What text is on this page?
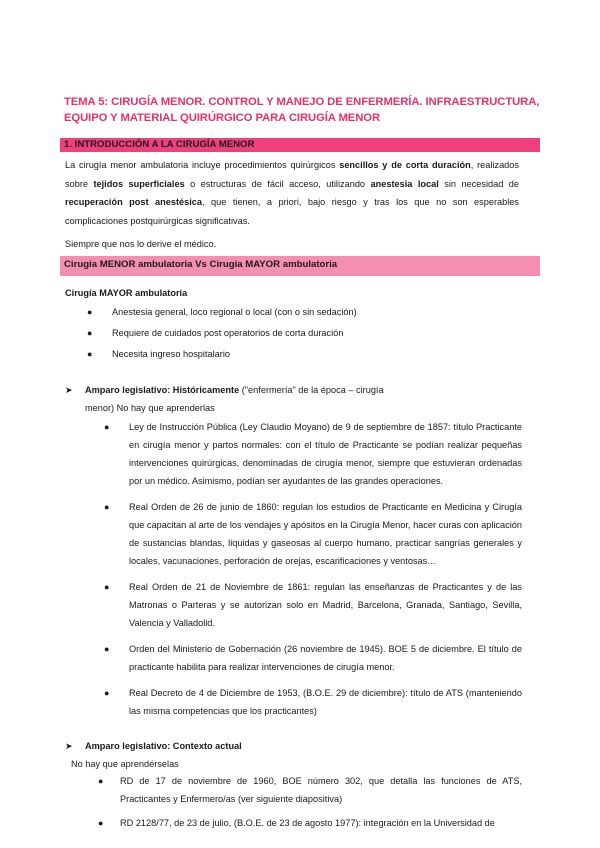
TEMA 5: CIRUGÍA MENOR. CONTROL Y MANEJO DE ENFERMERÍA. INFRAESTRUCTURA,
EQUIPO Y MATERIAL QUIRÚRGICO PARA CIRUGÍA MENOR
1. INTRODUCCIÓN A LA CIRUGÍA MENOR
La cirugía menor ambulatoria incluye procedimientos quirúrgicos sencillos y de corta duración, realizados sobre tejidos superficiales o estructuras de fácil acceso, utilizando anestesia local sin necesidad de recuperación post anestésica, que tienen, a priori, bajo riesgo y tras los que no son esperables complicaciones postquirúrgicas significativas.
Siempre que nos lo derive el médico.
Cirugía MENOR ambulatoria Vs Cirugía MAYOR ambulatoria
Cirugía MAYOR ambulatoria
● Anestesia general, loco regional o local (con o sin sedación)
● Requiere de cuidados post operatorios de corta duración
● Necesita ingreso hospitalario
➤	Amparo legislativo: Históricamente ("enfermería" de la época – cirugía
menor) No hay que aprenderlas
● Ley de Instrucción Pública (Ley Claudio Moyano) de 9 de septiembre de 1857: título Practicante en cirugía menor y partos normales: con el título de Practicante se podían realizar pequeñas intervenciones quirúrgicas, denominadas de cirugía menor, siempre que estuvieran ordenadas por un médico. Asimismo, podían ser ayudantes de las grandes operaciones.
● Real Orden de 26 de junio de 1860: regulan los estudios de Practicante en Medicina y Cirugía que capacitan al arte de los vendajes y apósitos en la Cirugía Menor, hacer curas con aplicación de sustancias blandas, liquidas y gaseosas al cuerpo humano, practicar sangrías generales y locales, vacunaciones, perforación de orejas, escarificaciones y ventosas…
● Real Orden de 21 de Noviembre de 1861: regulan las enseñanzas de Practicantes y de las Matronas o Parteras y se autorizan solo en Madrid, Barcelona, Granada, Santiago, Sevilla, Valencia y Valladolid.
● Orden del Ministerio de Gobernación (26 noviembre de 1945). BOE 5 de diciembre. El título de practicante habilita para realizar intervenciones de cirugía menor.
● Real Decreto de 4 de Diciembre de 1953, (B.O.E. 29 de diciembre): título de ATS (manteniendo las misma competencias que los practicantes)
➤	Amparo legislativo: Contexto actual
No hay que aprendérselas
● RD de 17 de noviembre de 1960, BOE número 302, que detalla las funciones de ATS, Practicantes y Enfermero/as (ver siguiente diapositiva)
● RD 2128/77, de 23 de julio, (B.O.E. de 23 de agosto 1977): integración en la Universidad de
